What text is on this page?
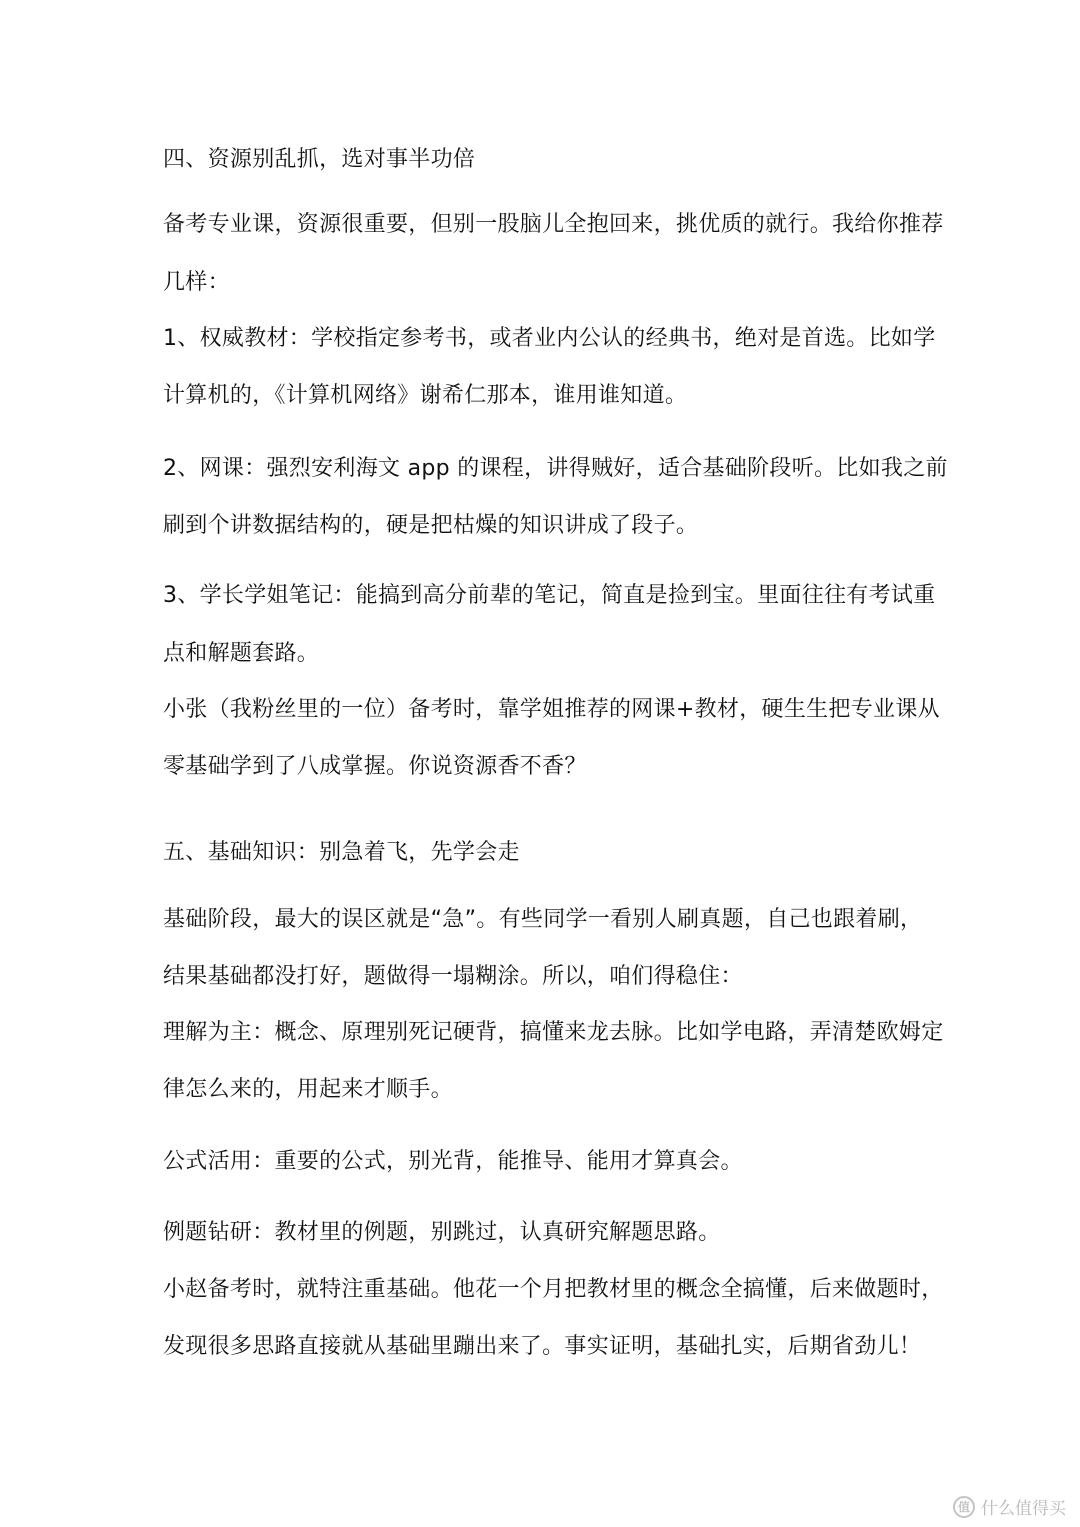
四、资源别乱抓，选对事半功倍
备考专业课，资源很重要，但别一股脑儿全抱回来，挑优质的就行。我给你推荐
几样：
1、权威教材：学校指定参考书，或者业内公认的经典书，绝对是首选。比如学
计算机的，《计算机网络》谢希仁那本，谁用谁知道。
2、网课：强烈安利海文 app 的课程，讲得贼好，适合基础阶段听。比如我之前
刷到个讲数据结构的，硬是把枯燥的知识讲成了段子。
3、学长学姐笔记：能搞到高分前辈的笔记，简直是捡到宝。里面往往有考试重
点和解题套路。
小张（我粉丝里的一位）备考时，靠学姐推荐的网课+教材，硬生生把专业课从
零基础学到了八成掌握。你说资源香不香？
五、基础知识：别急着飞，先学会走
基础阶段，最大的误区就是“急”。有些同学一看别人刷真题，自己也跟着刷，
结果基础都没打好，题做得一塌糊涂。所以，咱们得稳住：
理解为主：概念、原理别死记硬背，搞懂来龙去脉。比如学电路，弄清楚欧姆定
律怎么来的，用起来才顺手。
公式活用：重要的公式，别光背，能推导、能用才算真会。
例题钻研：教材里的例题，别跳过，认真研究解题思路。
小赵备考时，就特注重基础。他花一个月把教材里的概念全搞懂，后来做题时，
发现很多思路直接就从基础里蹦出来了。事实证明，基础扎实，后期省劲儿！
值 什么值得买
